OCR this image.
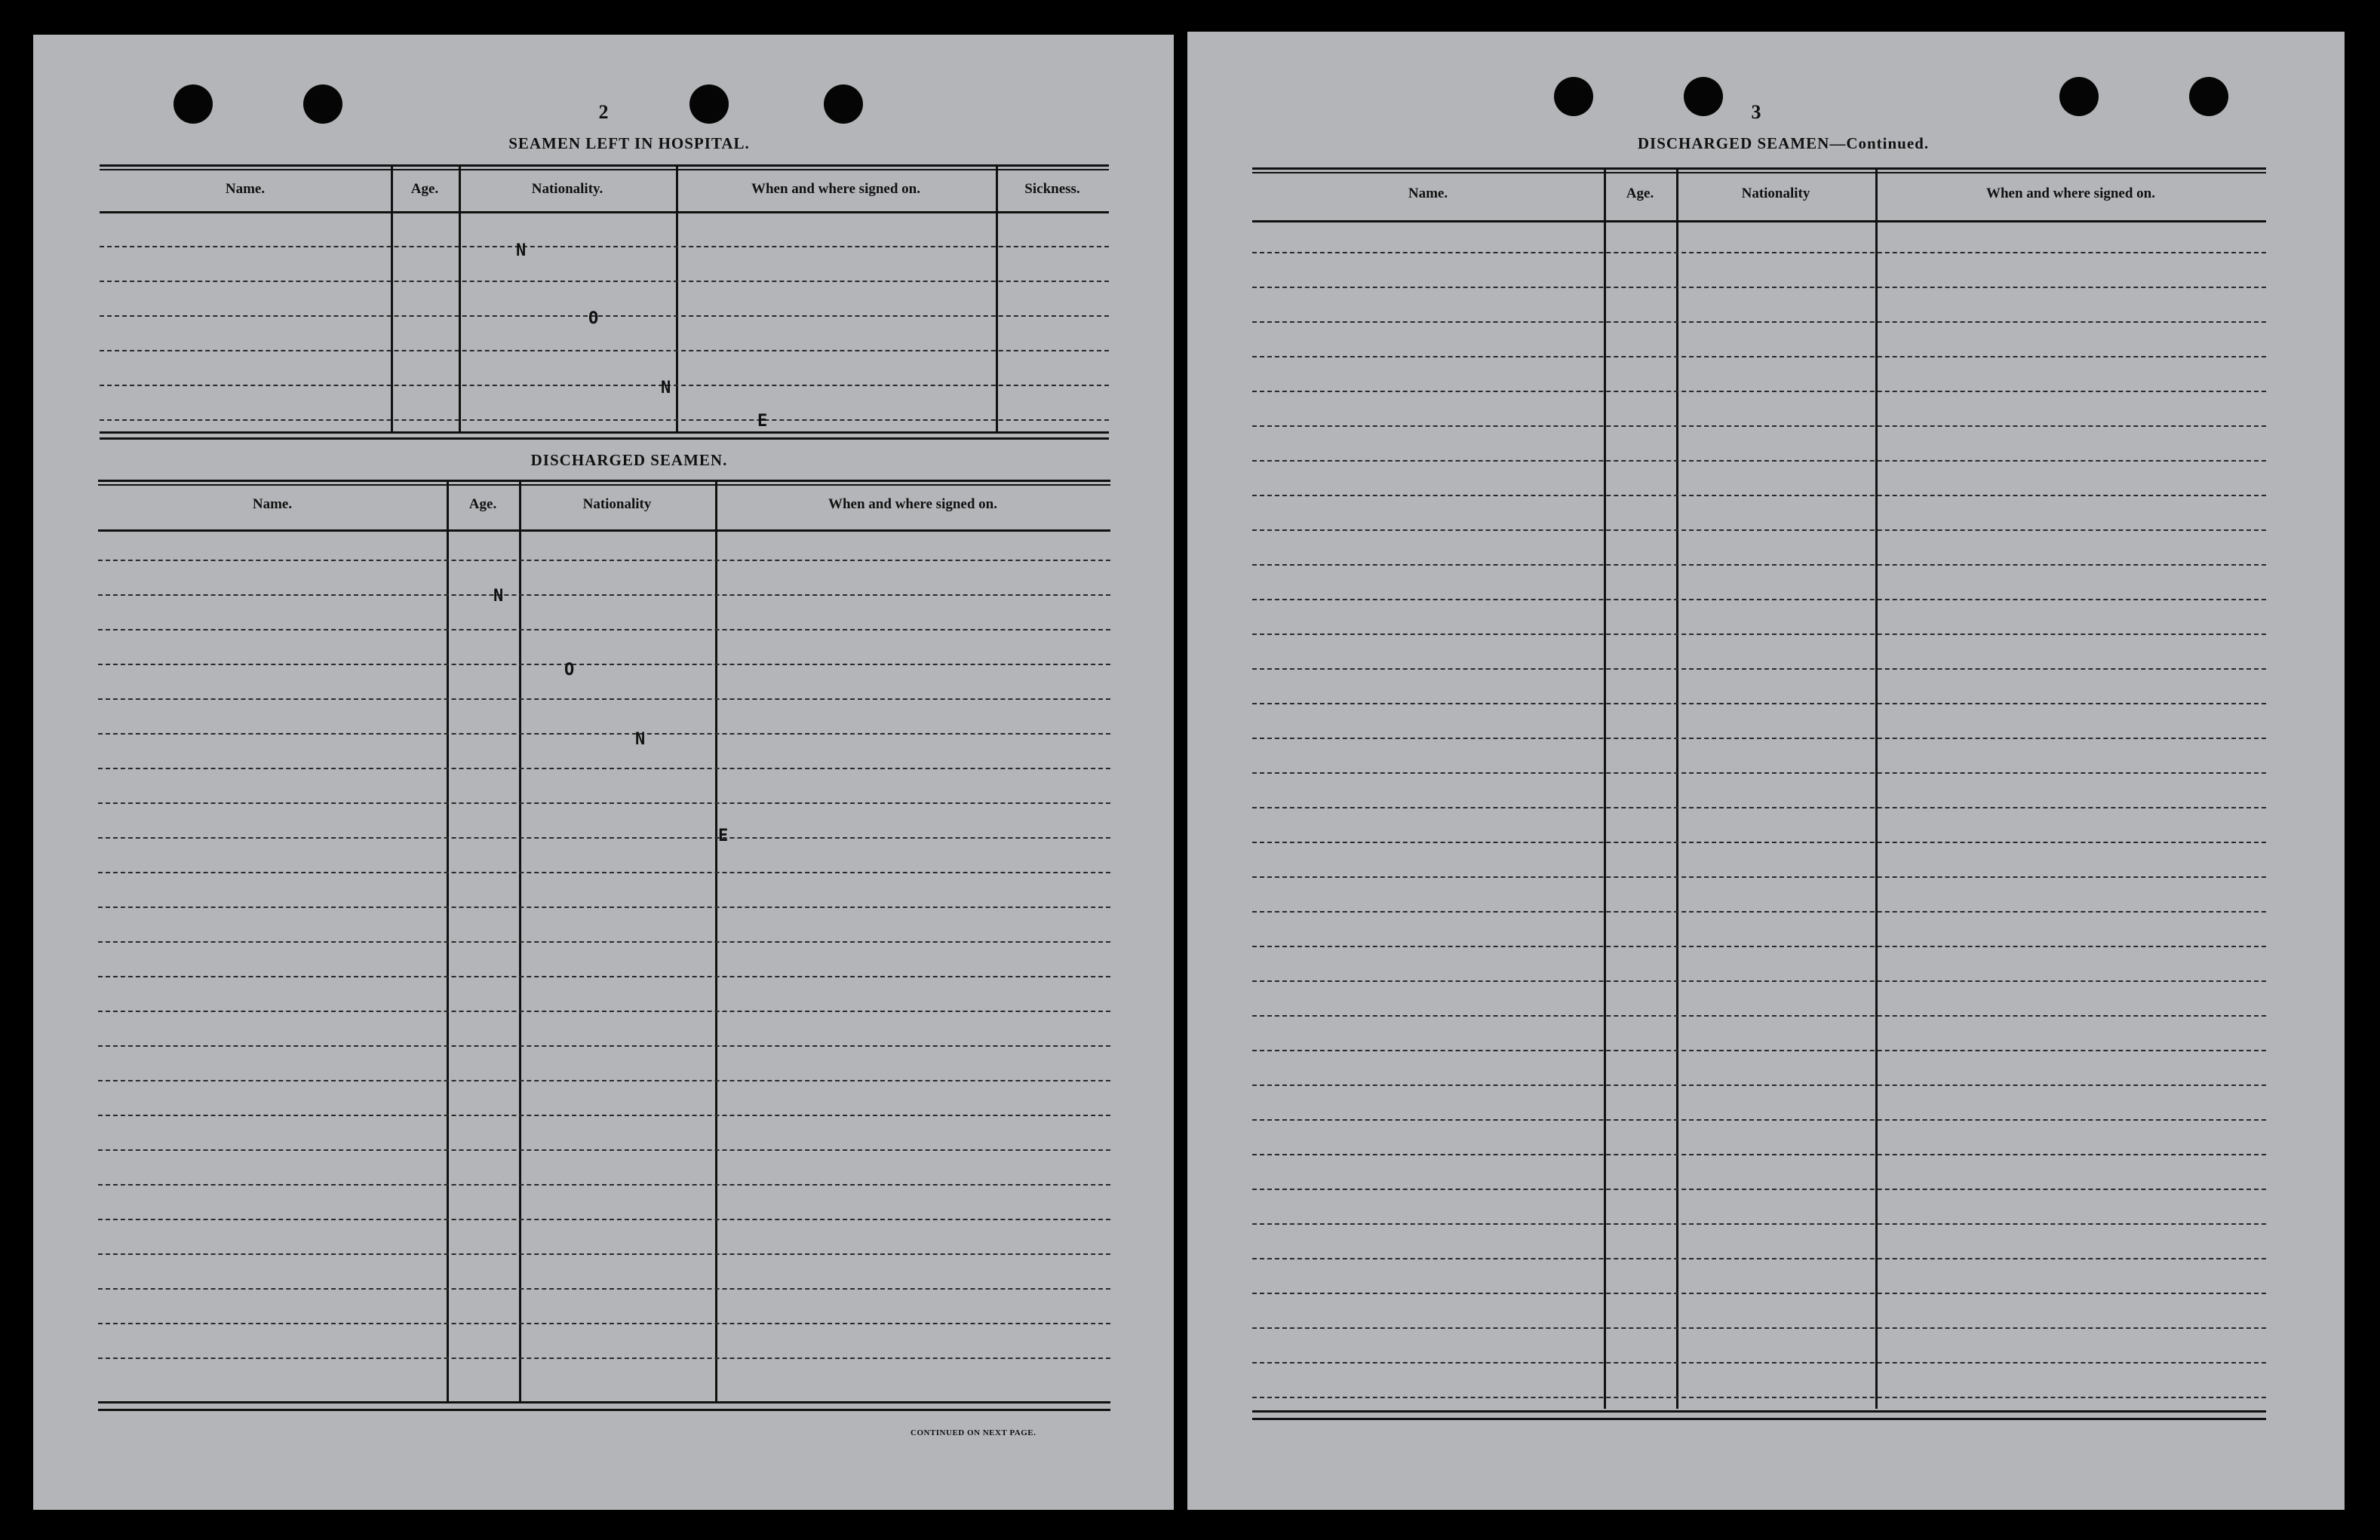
2
SEAMEN LEFT IN HOSPITAL.
Name.	Age.	Nationality.	When and where signed on.	Sickness.
DISCHARGED SEAMEN.
Name.	Age.	Nationality	When and where signed on.
CONTINUED ON NEXT PAGE.
N
O
N
E
N
O
N
E
3
DISCHARGED SEAMEN—Continued.
Name.	Age.	Nationality	When and where signed on.
